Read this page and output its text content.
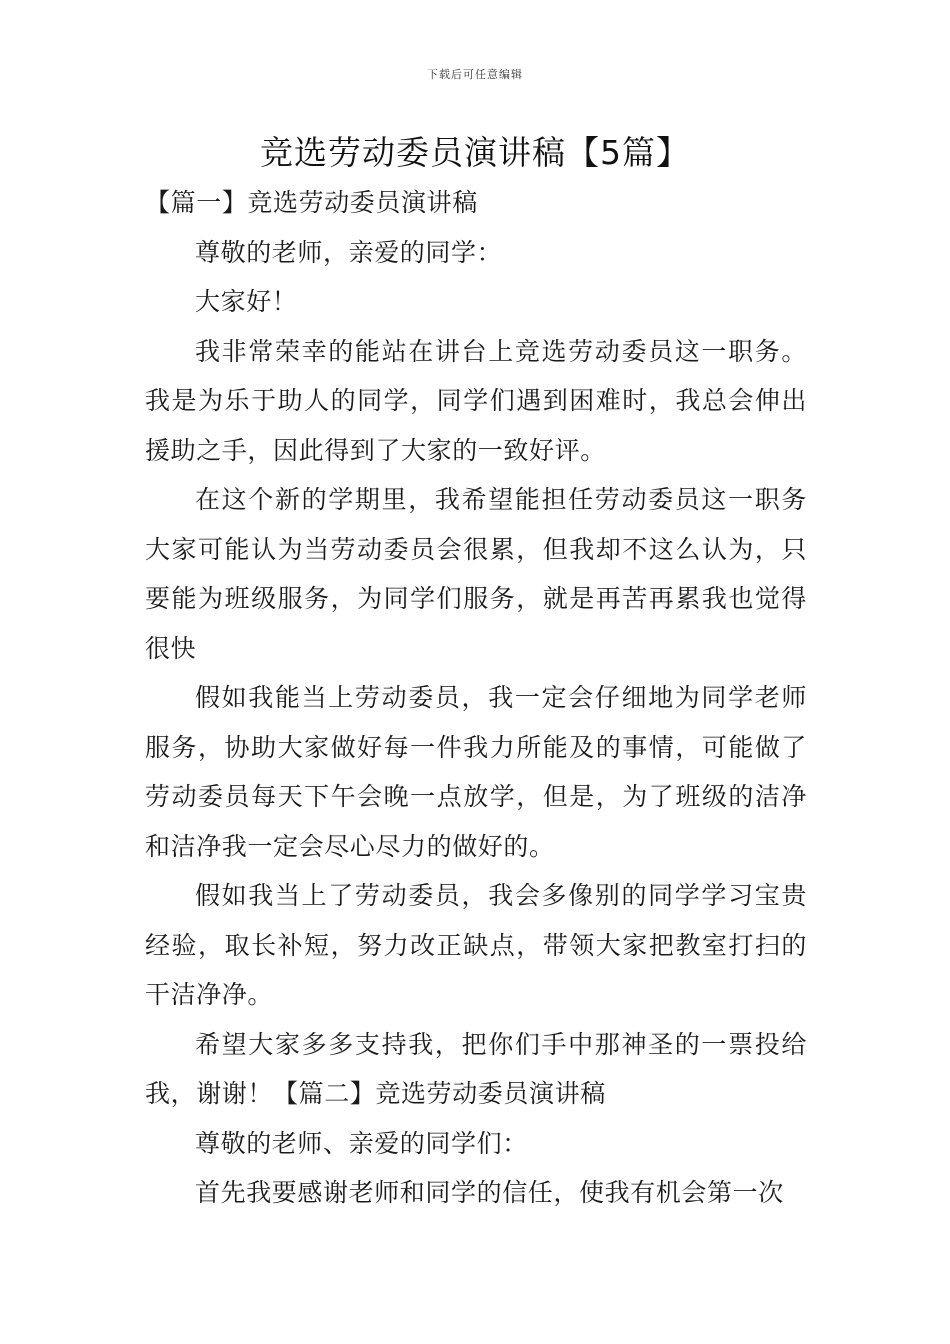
下载后可任意编辑
竞选劳动委员演讲稿【5篇】

【篇一】竞选劳动委员演讲稿

尊敬的老师，亲爱的同学：

大家好！

我非常荣幸的能站在讲台上竞选劳动委员这一职务。我是为乐于助人的同学，同学们遇到困难时，我总会伸出援助之手，因此得到了大家的一致好评。

在这个新的学期里，我希望能担任劳动委员这一职务大家可能认为当劳动委员会很累，但我却不这么认为，只要能为班级服务，为同学们服务，就是再苦再累我也觉得很快

假如我能当上劳动委员，我一定会仔细地为同学老师服务，协助大家做好每一件我力所能及的事情，可能做了劳动委员每天下午会晚一点放学，但是，为了班级的洁净和洁净我一定会尽心尽力的做好的。

假如我当上了劳动委员，我会多像别的同学学习宝贵经验，取长补短，努力改正缺点，带领大家把教室打扫的干洁净净。

希望大家多多支持我，把你们手中那神圣的一票投给我，谢谢！【篇二】竞选劳动委员演讲稿

尊敬的老师、亲爱的同学们：

首先我要感谢老师和同学的信任，使我有机会第一次
